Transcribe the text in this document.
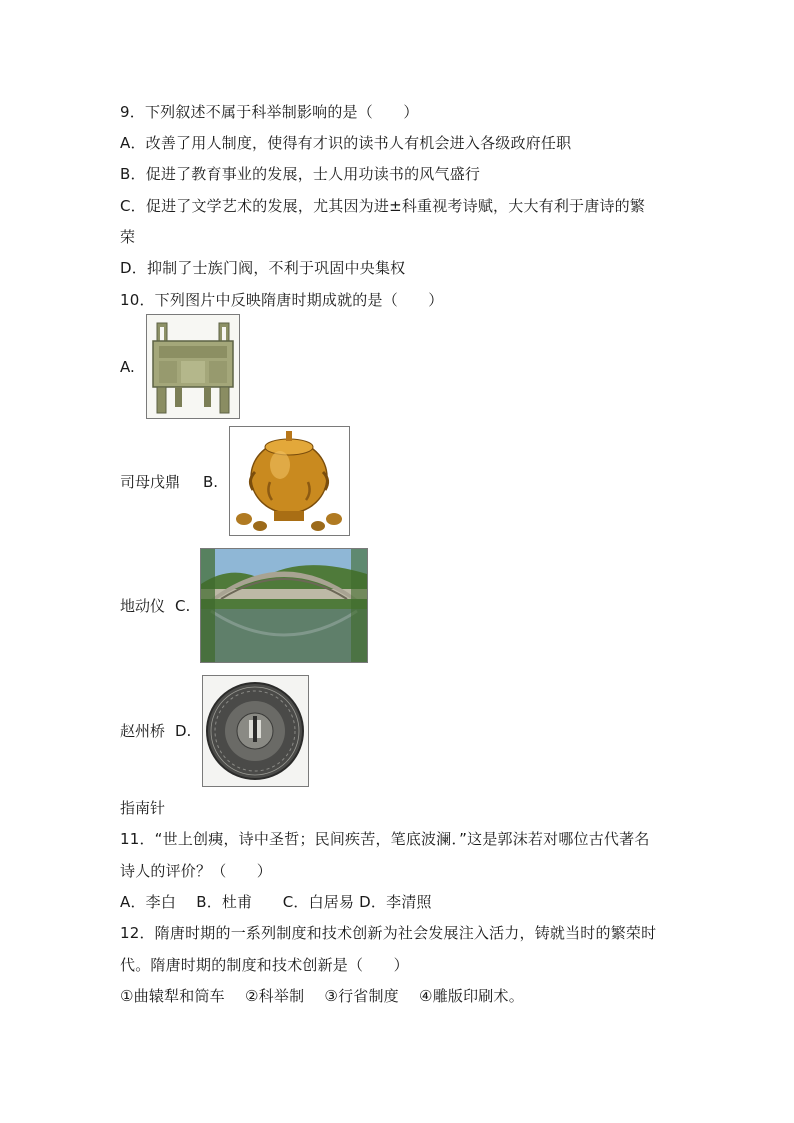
9．下列叙述不属于科举制影响的是（　　）
A．改善了用人制度，使得有才识的读书人有机会进入各级政府任职
B．促进了教育事业的发展，士人用功读书的风气盛行
C．促进了文学艺术的发展，尤其因为进±科重视考诗赋，大大有利于唐诗的繁
荣
D．抑制了士族门阀，不利于巩固中央集权
10．下列图片中反映隋唐时期成就的是（　　）
A.
司母戊鼎 B.
地动仪 C.
赵州桥 D.
指南针
11．“世上创痍，诗中圣哲；民间疾苦，笔底波澜．”这是郭沫若对哪位古代著名
诗人的评价？（　　）
A．李白　 B．杜甫　　C．白居易 D．李清照
12．隋唐时期的一系列制度和技术创新为社会发展注入活力，铸就当时的繁荣时
代。隋唐时期的制度和技术创新是（　　）
①曲辕犁和筒车　 ②科举制　 ③行省制度　 ④雕版印刷术。
